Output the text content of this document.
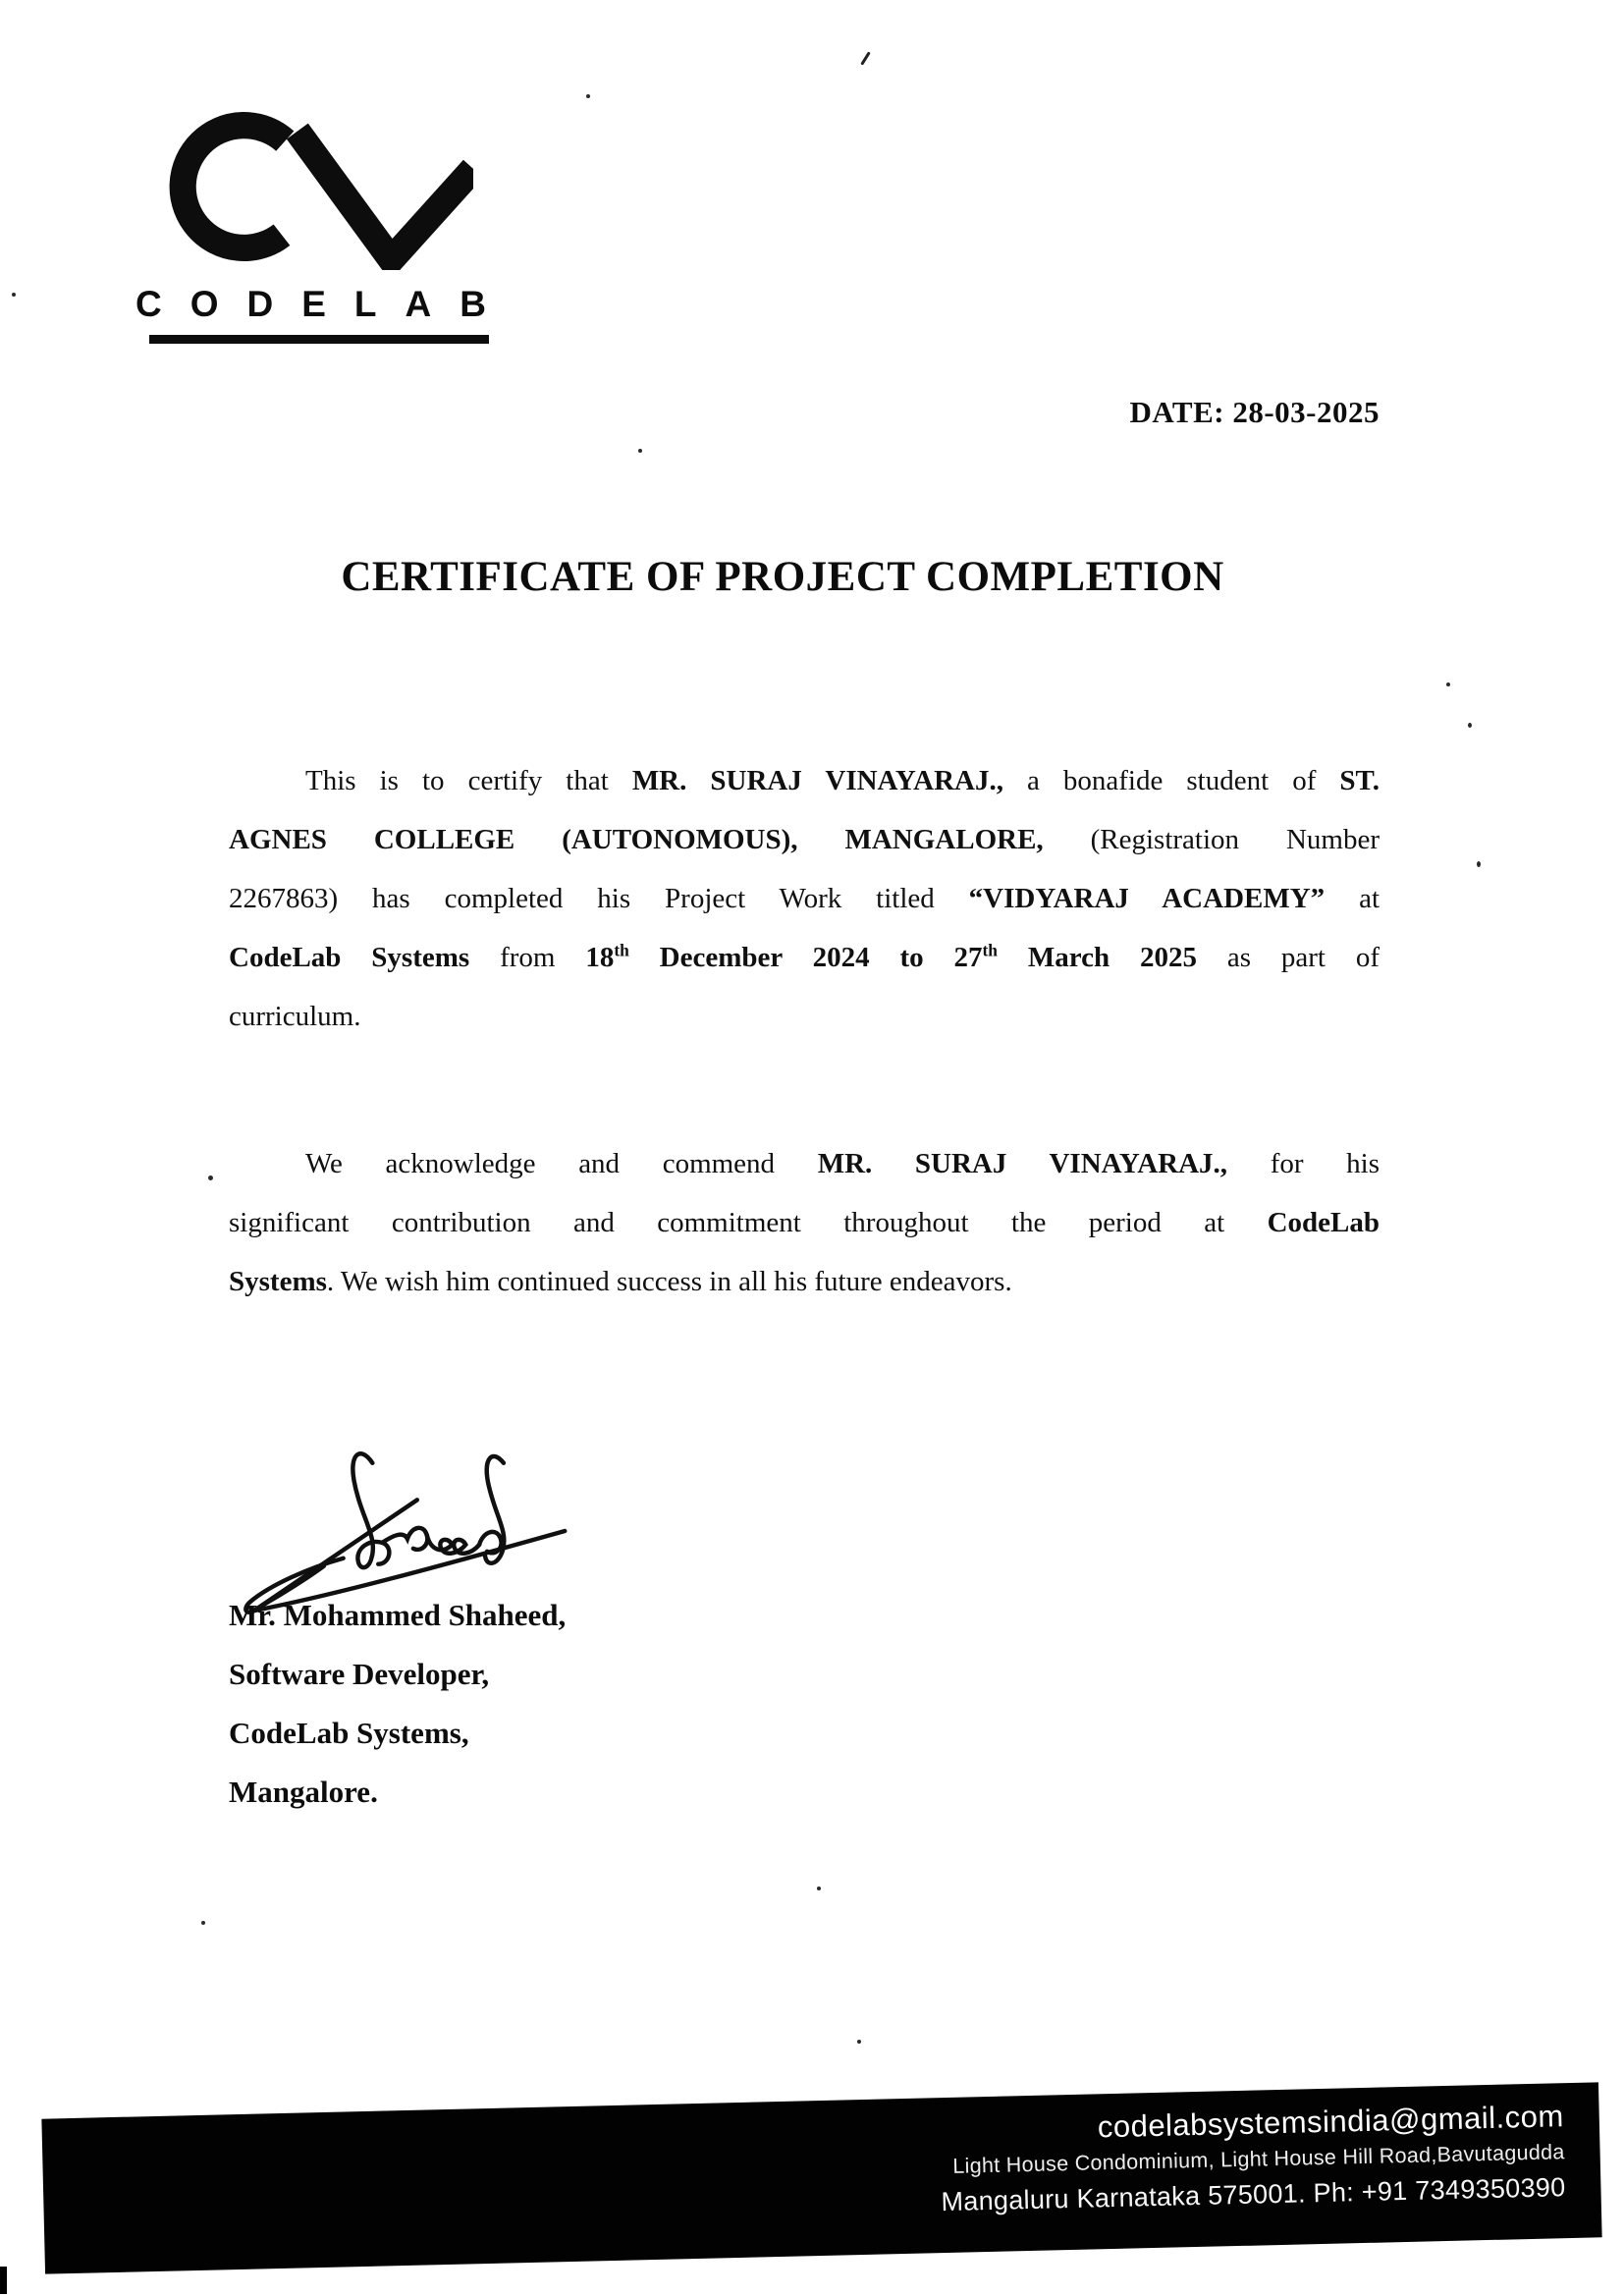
CODELAB
DATE: 28-03-2025
CERTIFICATE OF PROJECT COMPLETION
This is to certify that MR. SURAJ VINAYARAJ., a bonafide student of ST.
AGNES COLLEGE (AUTONOMOUS), MANGALORE, (Registration Number
2267863) has completed his Project Work titled “VIDYARAJ ACADEMY” at
CodeLab Systems from 18th December 2024 to 27th March 2025 as part of
curriculum.
We acknowledge and commend MR. SURAJ VINAYARAJ., for his
significant contribution and commitment throughout the period at CodeLab
Systems. We wish him continued success in all his future endeavors.
Mr. Mohammed Shaheed,
Software Developer,
CodeLab Systems,
Mangalore.
codelabsystemsindia@gmail.com
Light House Condominium, Light House Hill Road,Bavutagudda
Mangaluru Karnataka 575001. Ph: +91 7349350390
